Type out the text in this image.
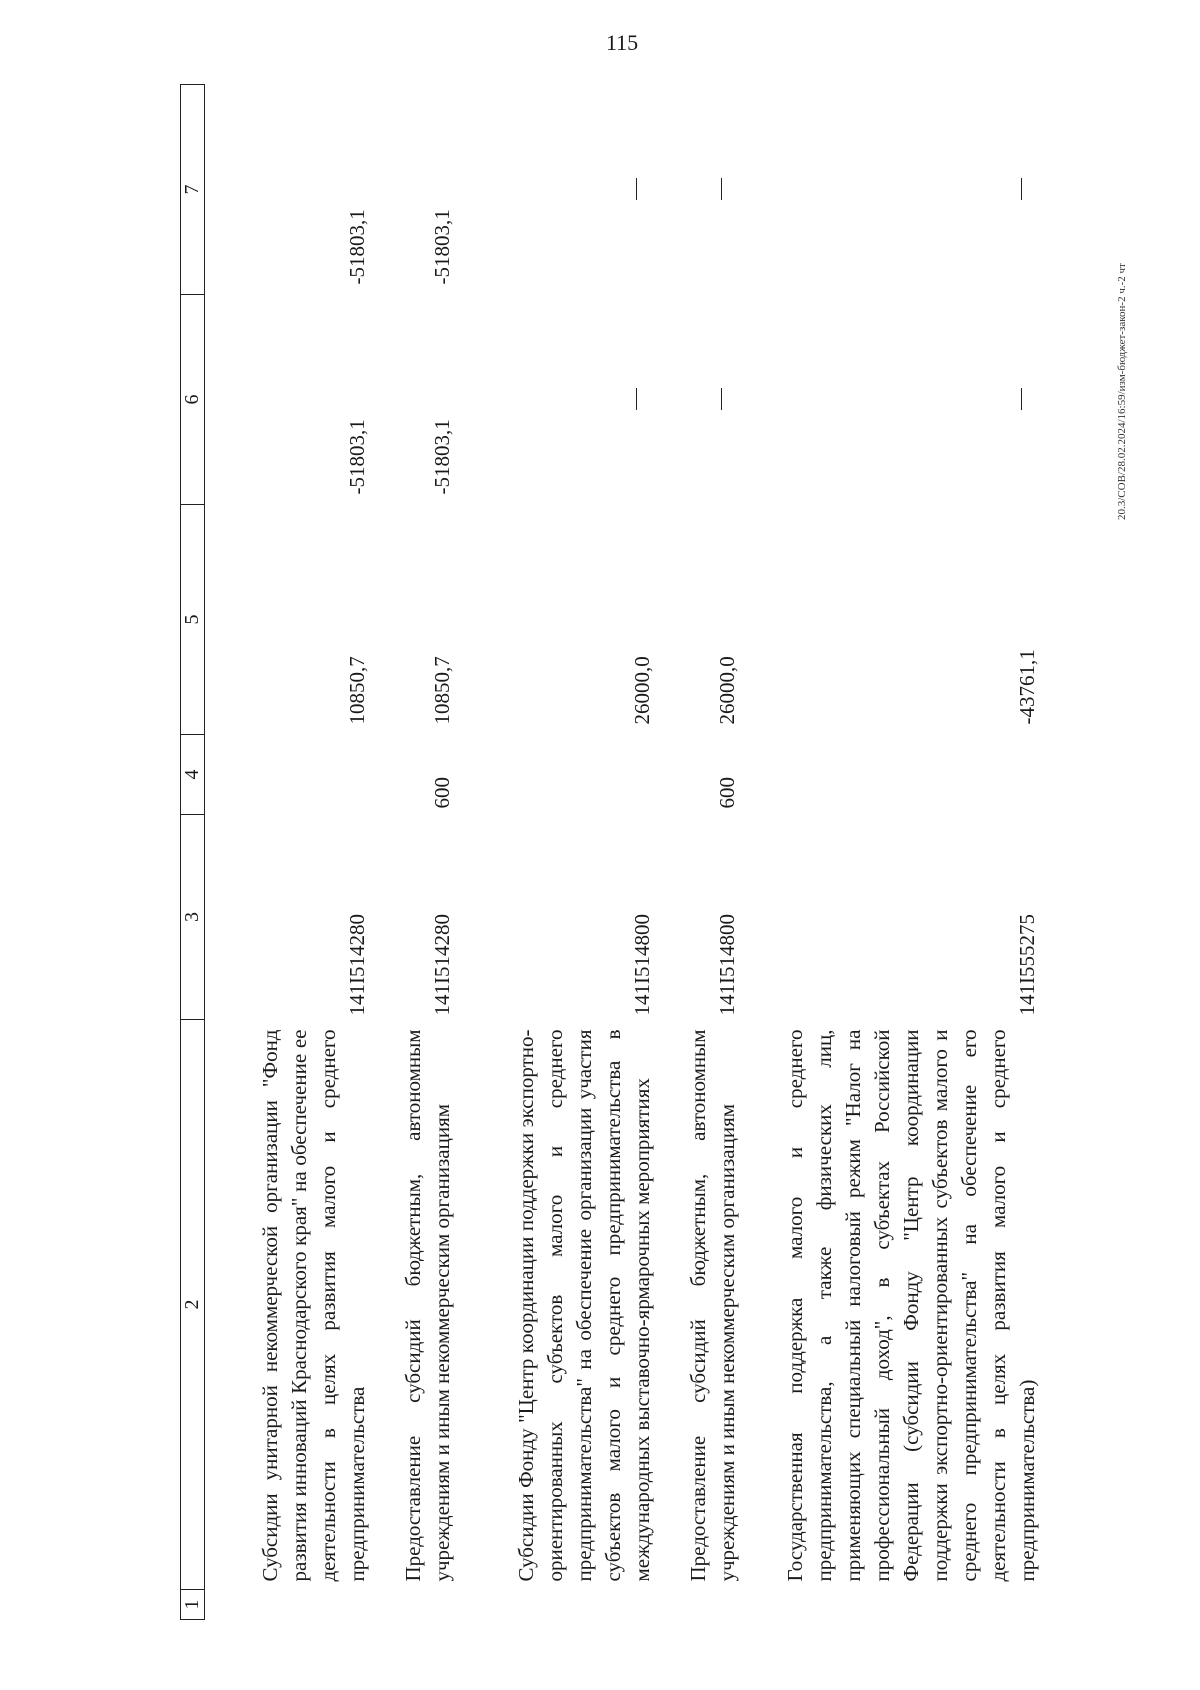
115
1	2	3	4	5	6	7
	Субсидии унитарной некоммерческой организации "Фонд развития инноваций Краснодарского края" на обеспечение ее деятельности в целях развития малого и среднего предпринимательства	141I514280		10850,7	-51803,1	-51803,1
	Предоставление субсидий бюджетным, автономным учреждениям и иным некоммерческим организациям	141I514280	600	10850,7	-51803,1	-51803,1
	Субсидии Фонду "Центр координации поддержки экспортно-ориентированных субъектов малого и среднего предпринимательства" на обеспечение организации участия субъектов малого и среднего предпринимательства в международных выставочно-ярмарочных мероприятиях	141I514800		26000,0		
	Предоставление субсидий бюджетным, автономным учреждениям и иным некоммерческим организациям	141I514800	600	26000,0		
	Государственная поддержка малого и среднего предпринимательства, а также физических лиц, применяющих специальный налоговый режим "Налог на профессиональный доход", в субъектах Российской Федерации (субсидии Фонду "Центр координации поддержки экспортно-ориентированных субъектов малого и среднего предпринимательства" на обеспечение его деятельности в целях развития малого и среднего предпринимательства)	141I555275		-43761,1		
20.3/СОВ/28.02.2024/16:59/изм-бюджет-закон-2 ч.-2 чт
